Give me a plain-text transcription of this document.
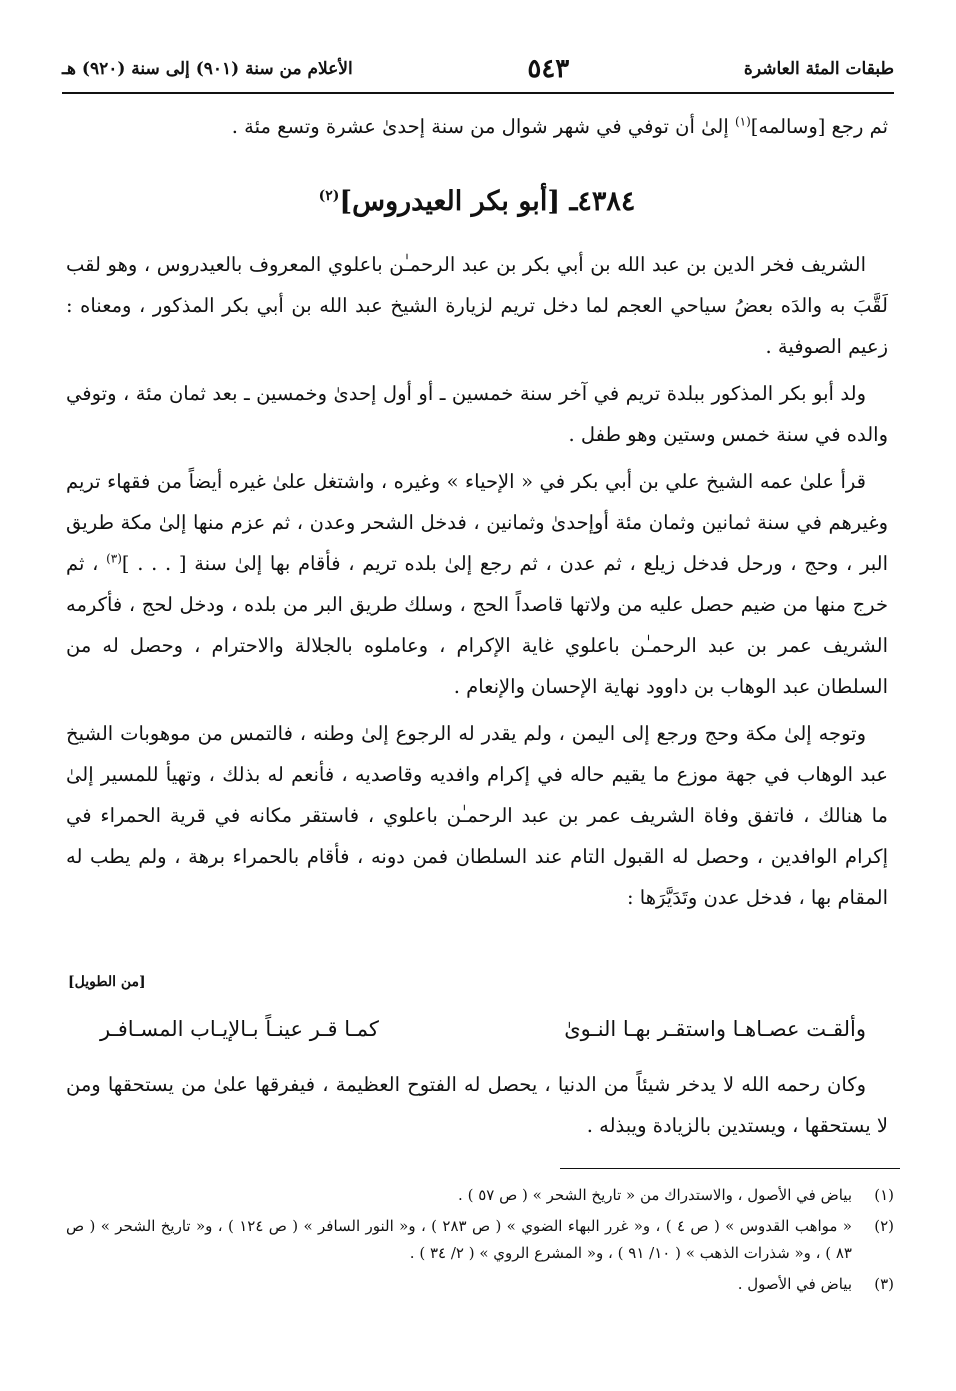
طبقات المئة العاشرة
٥٤٣
الأعلام من سنة (٩٠١) إلى سنة (٩٢٠) هـ

ثم رجع [وسالمه]$^{(١)}$ إلىٰ أن توفي في شهر شوال من سنة إحدىٰ عشرة وتسع مئة .

٤٣٨٤ـ [أبو بكر العيدروس]$^{(٢)}$

الشريف فخر الدين بن عبد الله بن أبي بكر بن عبد الرحمـٰن باعلوي المعروف بالعيدروس ، وهو لقب لَقَّبَ به والدَه بعضُ سياحي العجم لما دخل تريم لزيارة الشيخ عبد الله بن أبي بكر المذكور ، ومعناه : زعيم الصوفية .

ولد أبو بكر المذكور ببلدة تريم في آخر سنة خمسين ـ أو أول إحدىٰ وخمسين ـ بعد ثمان مئة ، وتوفي والده في سنة خمس وستين وهو طفل .

قرأ علىٰ عمه الشيخ علي بن أبي بكر في « الإحياء » وغيره ، واشتغل علىٰ غيره أيضاً من فقهاء تريم وغيرهم في سنة ثمانين وثمان مئة أوإحدىٰ وثمانين ، فدخل الشحر وعدن ، ثم عزم منها إلىٰ مكة طريق البر ، وحج ، ورحل فدخل زيلع ، ثم عدن ، ثم رجع إلىٰ بلده تريم ، فأقام بها إلىٰ سنة [ . . . ]$^{(٣)}$ ، ثم خرج منها من ضيم حصل عليه من ولاتها قاصداً الحج ، وسلك طريق البر من بلده ، ودخل لحج ، فأكرمه الشريف عمر بن عبد الرحمـٰن باعلوي غاية الإكرام ، وعاملوه بالجلالة والاحترام ، وحصل له من السلطان عبد الوهاب بن داوود نهاية الإحسان والإنعام .

وتوجه إلىٰ مكة وحج ورجع إلى اليمن ، ولم يقدر له الرجوع إلىٰ وطنه ، فالتمس من موهوبات الشيخ عبد الوهاب في جهة موزع ما يقيم حاله في إكرام وافديه وقاصديه ، فأنعم له بذلك ، وتهيأ للمسير إلىٰ ما هنالك ، فاتفق وفاة الشريف عمر بن عبد الرحمـٰن باعلوي ، فاستقر مكانه في قرية الحمراء في إكرام الوافدين ، وحصل له القبول التام عند السلطان فمن دونه ، فأقام بالحمراء برهة ، ولم يطب له المقام بها ، فدخل عدن وتَدَيَّرَها :

[من الطويل]
وألقـت عصـاهـا واستقـر بهـا النـوىٰ
كمـا قـر عينـاً بـالإيـاب المسـافـر

وكان رحمه الله لا يدخر شيئاً من الدنيا ، يحصل له الفتوح العظيمة ، فيفرقها علىٰ من يستحقها ومن لا يستحقها ، ويستدين بالزيادة ويبذله .

(١)
بياض في الأصول ، والاستدراك من « تاريخ الشحر » ( ص ٥٧ ) .
(٢)
« مواهب القدوس » ( ص ٤ ) ، و« غرر البهاء الضوي » ( ص ٢٨٣ ) ، و« النور السافر » ( ص ١٢٤ ) ، و« تاريخ الشحر » ( ص ٨٣ ) ، و« شذرات الذهب » ( ١٠/ ٩١ ) ، و« المشرع الروي » ( ٢/ ٣٤ ) .
(٣)
بياض في الأصول .
